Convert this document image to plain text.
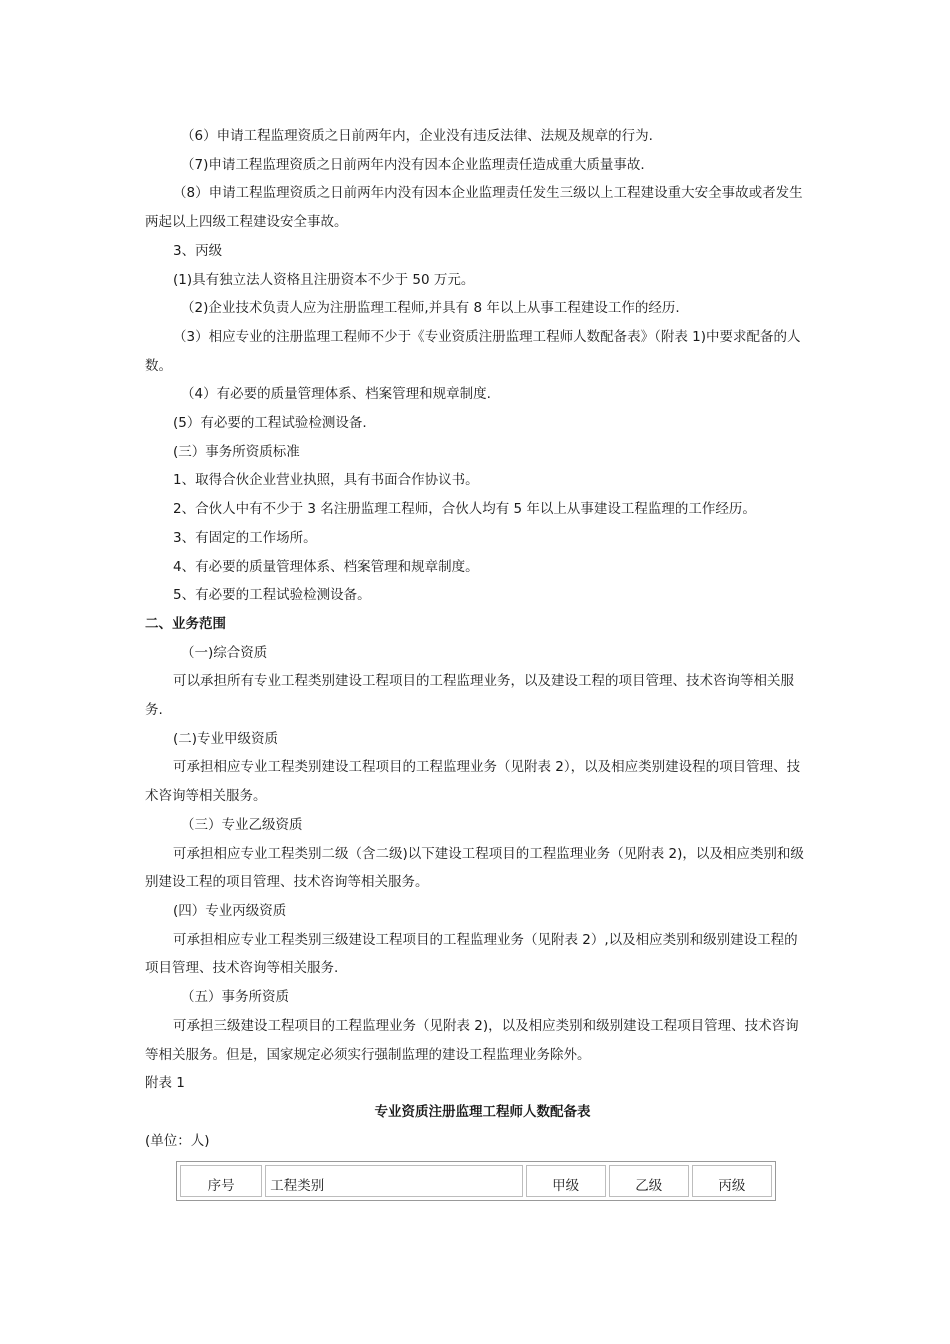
（6）申请工程监理资质之日前两年内，企业没有违反法律、法规及规章的行为.

（7)申请工程监理资质之日前两年内没有因本企业监理责任造成重大质量事故.

（8）申请工程监理资质之日前两年内没有因本企业监理责任发生三级以上工程建设重大安全事故或者发生两起以上四级工程建设安全事故。

3、丙级

(1)具有独立法人资格且注册资本不少于 50 万元。

（2)企业技术负责人应为注册监理工程师,并具有 8 年以上从事工程建设工作的经历.

（3）相应专业的注册监理工程师不少于《专业资质注册监理工程师人数配备表》（附表 1)中要求配备的人数。

（4）有必要的质量管理体系、档案管理和规章制度.

(5）有必要的工程试验检测设备.

(三）事务所资质标准

1、取得合伙企业营业执照，具有书面合作协议书。

2、合伙人中有不少于 3 名注册监理工程师，合伙人均有 5 年以上从事建设工程监理的工作经历。

3、有固定的工作场所。

4、有必要的质量管理体系、档案管理和规章制度。

5、有必要的工程试验检测设备。

二、业务范围

（一)综合资质

可以承担所有专业工程类别建设工程项目的工程监理业务，以及建设工程的项目管理、技术咨询等相关服务.

(二)专业甲级资质

可承担相应专业工程类别建设工程项目的工程监理业务（见附表 2），以及相应类别建设程的项目管理、技术咨询等相关服务。

（三）专业乙级资质

可承担相应专业工程类别二级（含二级)以下建设工程项目的工程监理业务（见附表 2)，以及相应类别和级别建设工程的项目管理、技术咨询等相关服务。

(四）专业丙级资质

可承担相应专业工程类别三级建设工程项目的工程监理业务（见附表 2）,以及相应类别和级别建设工程的项目管理、技术咨询等相关服务.

（五）事务所资质

可承担三级建设工程项目的工程监理业务（见附表 2)，以及相应类别和级别建设工程项目管理、技术咨询等相关服务。但是，国家规定必须实行强制监理的建设工程监理业务除外。

附表 1

专业资质注册监理工程师人数配备表

(单位：人)

序号	工程类别	甲级	乙级	丙级
